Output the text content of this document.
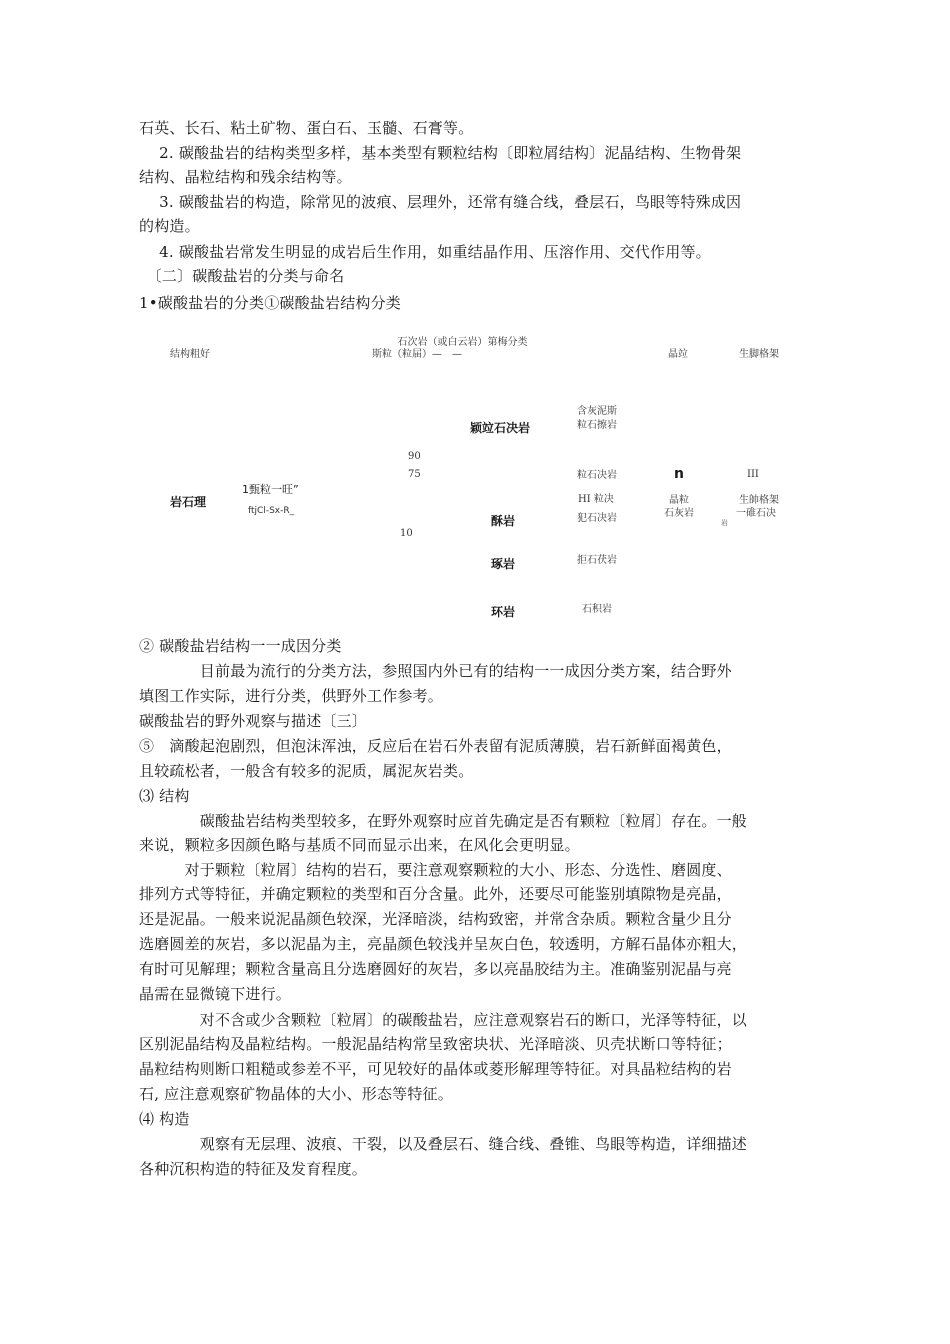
石英、长石、粘土矿物、蛋白石、玉髓、石膏等。
　 2. 碳酸盐岩的结构类型多样，基本类型有颗粒结构〔即粒屑结构〕泥晶结构、生物骨架
结构、晶粒结构和残余结构等。
　 3. 碳酸盐岩的构造，除常见的波痕、层理外，还常有缝合线，叠层石，鸟眼等特殊成因
的构造。
　 4. 碳酸盐岩常发生明显的成岩后生作用，如重结晶作用、压溶作用、交代作用等。
　〔二〕碳酸盐岩的分类与命名
1•碳酸盐岩的分类①碳酸盐岩结构分类
石次岩（或白云岩）第梅分类
斯粒（粒届）—　—
结构粗好	晶竝	生脚格架
含灰泥斯
粒石擦岩
颖竝石决岩
90
75	粒石决岩	n	III
1甄粒一旺”
岩石理	HI 粒决	晶粒	生帥格架
ftjCl-Sx-R_	石灰岩	一碓石决
犯石决岩
酥岩	岩
10
琢岩	拒石茯岩
环岩	石积岩
② 碳酸盐岩结构一一成因分类
　　　　目前最为流行的分类方法，参照国内外已有的结构一一成因分类方案，结合野外
填图工作实际，进行分类，供野外工作参考。
碳酸盐岩的野外观察与描述〔三〕
⑤　滴酸起泡剧烈，但泡沫浑浊，反应后在岩石外表留有泥质薄膜，岩石新鲜面褐黄色，
且较疏松者，一般含有较多的泥质，属泥灰岩类。
⑶ 结构
　　　　碳酸盐岩结构类型较多，在野外观察时应首先确定是否有颗粒〔粒屑〕存在。一般
来说，颗粒多因颜色略与基质不同而显示出来，在风化会更明显。
　　　对于颗粒〔粒屑〕结构的岩石，要注意观察颗粒的大小、形态、分选性、磨圆度、
排列方式等特征，并确定颗粒的类型和百分含量。此外，还要尽可能鉴别填隙物是亮晶，
还是泥晶。一般来说泥晶颜色较深，光泽暗淡，结构致密，并常含杂质。颗粒含量少且分
选磨圆差的灰岩，多以泥晶为主，亮晶颜色较浅并呈灰白色，较透明，方解石晶体亦粗大，
有时可见解理；颗粒含量高且分选磨圆好的灰岩，多以亮晶胶结为主。准确鉴别泥晶与亮
晶需在显微镜下进行。
　　　　对不含或少含颗粒〔粒屑〕的碳酸盐岩，应注意观察岩石的断口，光泽等特征，以
区别泥晶结构及晶粒结构。一般泥晶结构常呈致密块状、光泽暗淡、贝壳状断口等特征；
晶粒结构则断口粗糙或参差不平，可见较好的晶体或菱形解理等特征。对具晶粒结构的岩
石, 应注意观察矿物晶体的大小、形态等特征。
⑷ 构造
　　　　观察有无层理、波痕、干裂，以及叠层石、缝合线、叠锥、鸟眼等构造，详细描述
各种沉积构造的特征及发育程度。
